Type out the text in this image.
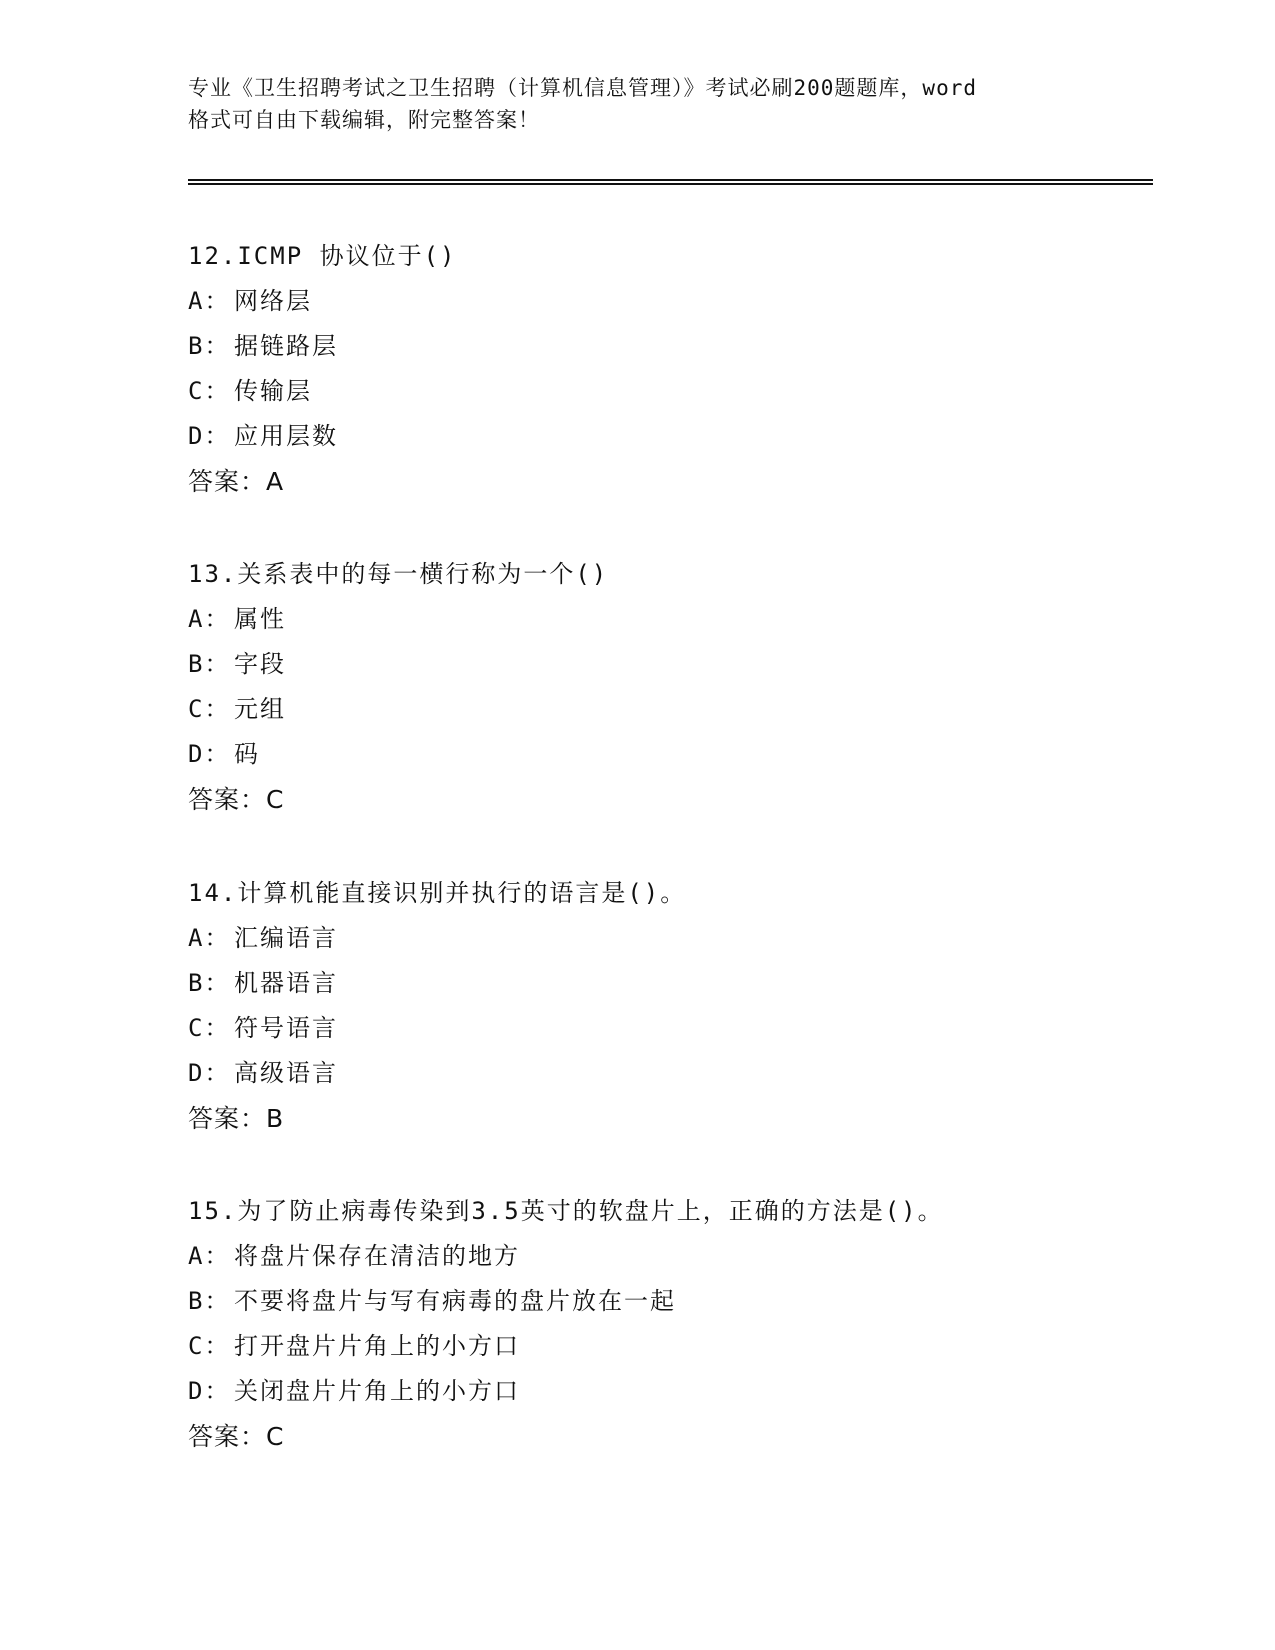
专业《卫生招聘考试之卫生招聘（计算机信息管理）》考试必刷200题题库，word
格式可自由下载编辑，附完整答案！
12.ICMP 协议位于()
A： 网络层
B： 据链路层
C： 传输层
D： 应用层数
答案：A
13.关系表中的每一横行称为一个()
A： 属性
B： 字段
C： 元组
D： 码
答案：C
14.计算机能直接识别并执行的语言是()。
A： 汇编语言
B： 机器语言
C： 符号语言
D： 高级语言
答案：B
15.为了防止病毒传染到3.5英寸的软盘片上，正确的方法是()。
A： 将盘片保存在清洁的地方
B： 不要将盘片与写有病毒的盘片放在一起
C： 打开盘片片角上的小方口
D： 关闭盘片片角上的小方口
答案：C
